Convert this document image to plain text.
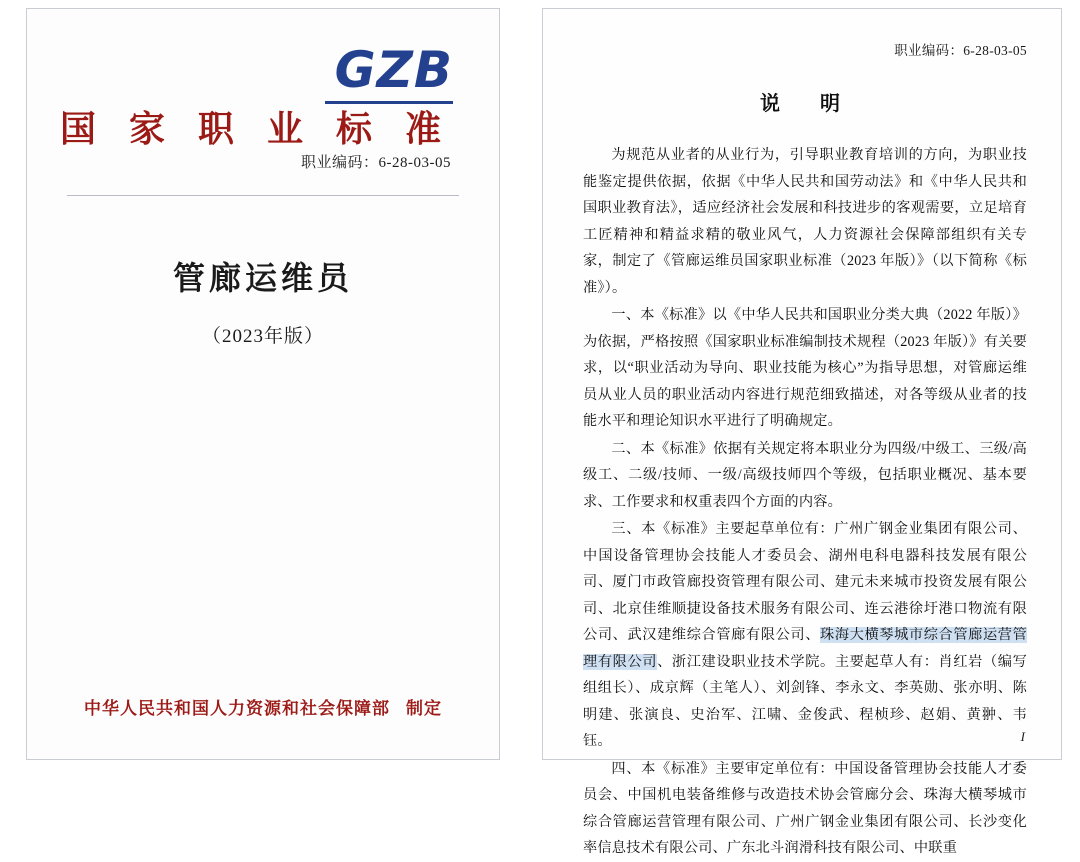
GZB
国 家 职 业 标 准
职业编码：6-28-03-05
管廊运维员
（2023年版）
中华人民共和国人力资源和社会保障部 制定
职业编码：6-28-03-05
说　明

为规范从业者的从业行为，引导职业教育培训的方向，为职业技能鉴定提供依据，依据《中华人民共和国劳动法》和《中华人民共和国职业教育法》，适应经济社会发展和科技进步的客观需要，立足培育工匠精神和精益求精的敬业风气，人力资源社会保障部组织有关专家，制定了《管廊运维员国家职业标准（2023 年版）》（以下简称《标准》）。

一、本《标准》以《中华人民共和国职业分类大典（2022 年版）》为依据，严格按照《国家职业标准编制技术规程（2023 年版）》有关要求，以“职业活动为导向、职业技能为核心”为指导思想，对管廊运维员从业人员的职业活动内容进行规范细致描述，对各等级从业者的技能水平和理论知识水平进行了明确规定。

二、本《标准》依据有关规定将本职业分为四级/中级工、三级/高级工、二级/技师、一级/高级技师四个等级，包括职业概况、基本要求、工作要求和权重表四个方面的内容。

三、本《标准》主要起草单位有：广州广钢金业集团有限公司、中国设备管理协会技能人才委员会、湖州电科电器科技发展有限公司、厦门市政管廊投资管理有限公司、建元未来城市投资发展有限公司、北京佳维顺捷设备技术服务有限公司、连云港徐圩港口物流有限公司、武汉建维综合管廊有限公司、珠海大横琴城市综合管廊运营管理有限公司、浙江建设职业技术学院。主要起草人有：肖红岩（编写组组长）、成京辉（主笔人）、刘剑锋、李永文、李英勋、张亦明、陈明建、张演良、史治军、江啸、金俊武、程桢珍、赵娟、黄翀、韦钰。

四、本《标准》主要审定单位有：中国设备管理协会技能人才委员会、中国机电装备维修与改造技术协会管廊分会、珠海大横琴城市综合管廊运营管理有限公司、广州广钢金业集团有限公司、长沙变化率信息技术有限公司、广东北斗润滑科技有限公司、中联重

I
